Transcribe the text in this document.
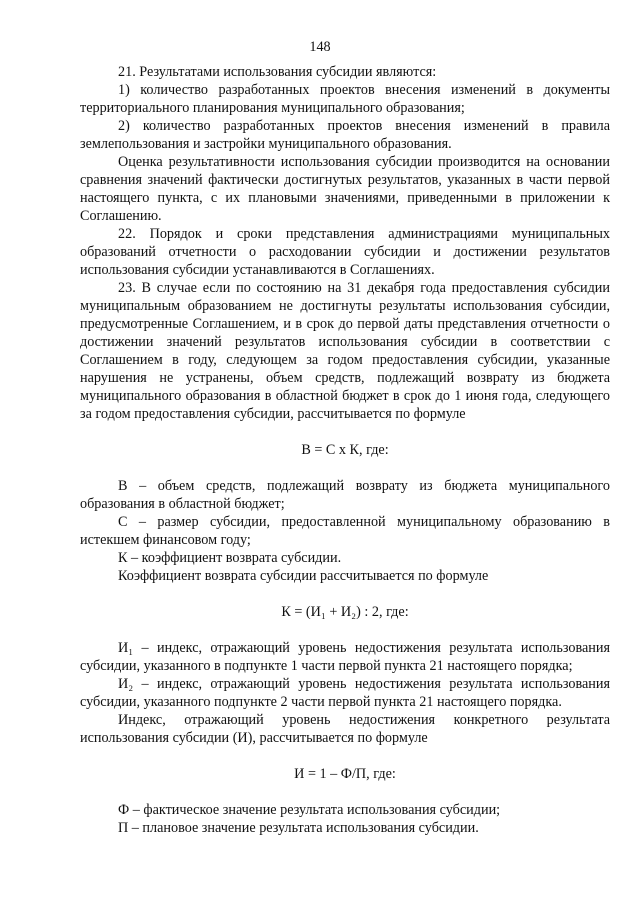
148

21. Результатами использования субсидии являются:

1) количество разработанных проектов внесения изменений в документы территориального планирования муниципального образования;

2) количество разработанных проектов внесения изменений в правила землепользования и застройки муниципального образования.

Оценка результативности использования субсидии производится на основании сравнения значений фактически достигнутых результатов, указанных в части первой настоящего пункта, с их плановыми значениями, приведенными в приложении к Соглашению.

22. Порядок и сроки представления администрациями муниципальных образований отчетности о расходовании субсидии и достижении результатов использования субсидии устанавливаются в Соглашениях.

23. В случае если по состоянию на 31 декабря года предоставления субсидии муниципальным образованием не достигнуты результаты использования субсидии, предусмотренные Соглашением, и в срок до первой даты представления отчетности о достижении значений результатов использования субсидии в соответствии с Соглашением в году, следующем за годом предоставления субсидии, указанные нарушения не устранены, объем средств, подлежащий возврату из бюджета муниципального образования в областной бюджет в срок до 1 июня года, следующего за годом предоставления субсидии, рассчитывается по формуле

В = С х К, где:

В – объем средств, подлежащий возврату из бюджета муниципального образования в областной бюджет;

С – размер субсидии, предоставленной муниципальному образованию в истекшем финансовом году;

К – коэффициент возврата субсидии.

Коэффициент возврата субсидии рассчитывается по формуле

К = (И₁ + И₂) : 2, где:

И₁ – индекс, отражающий уровень недостижения результата использования субсидии, указанного в подпункте 1 части первой пункта 21 настоящего порядка;

И₂ – индекс, отражающий уровень недостижения результата использования субсидии, указанного подпункте 2 части первой пункта 21 настоящего порядка.

Индекс, отражающий уровень недостижения конкретного результата использования субсидии (И), рассчитывается по формуле

И = 1 – Ф/П, где:

Ф – фактическое значение результата использования субсидии;

П – плановое значение результата использования субсидии.
